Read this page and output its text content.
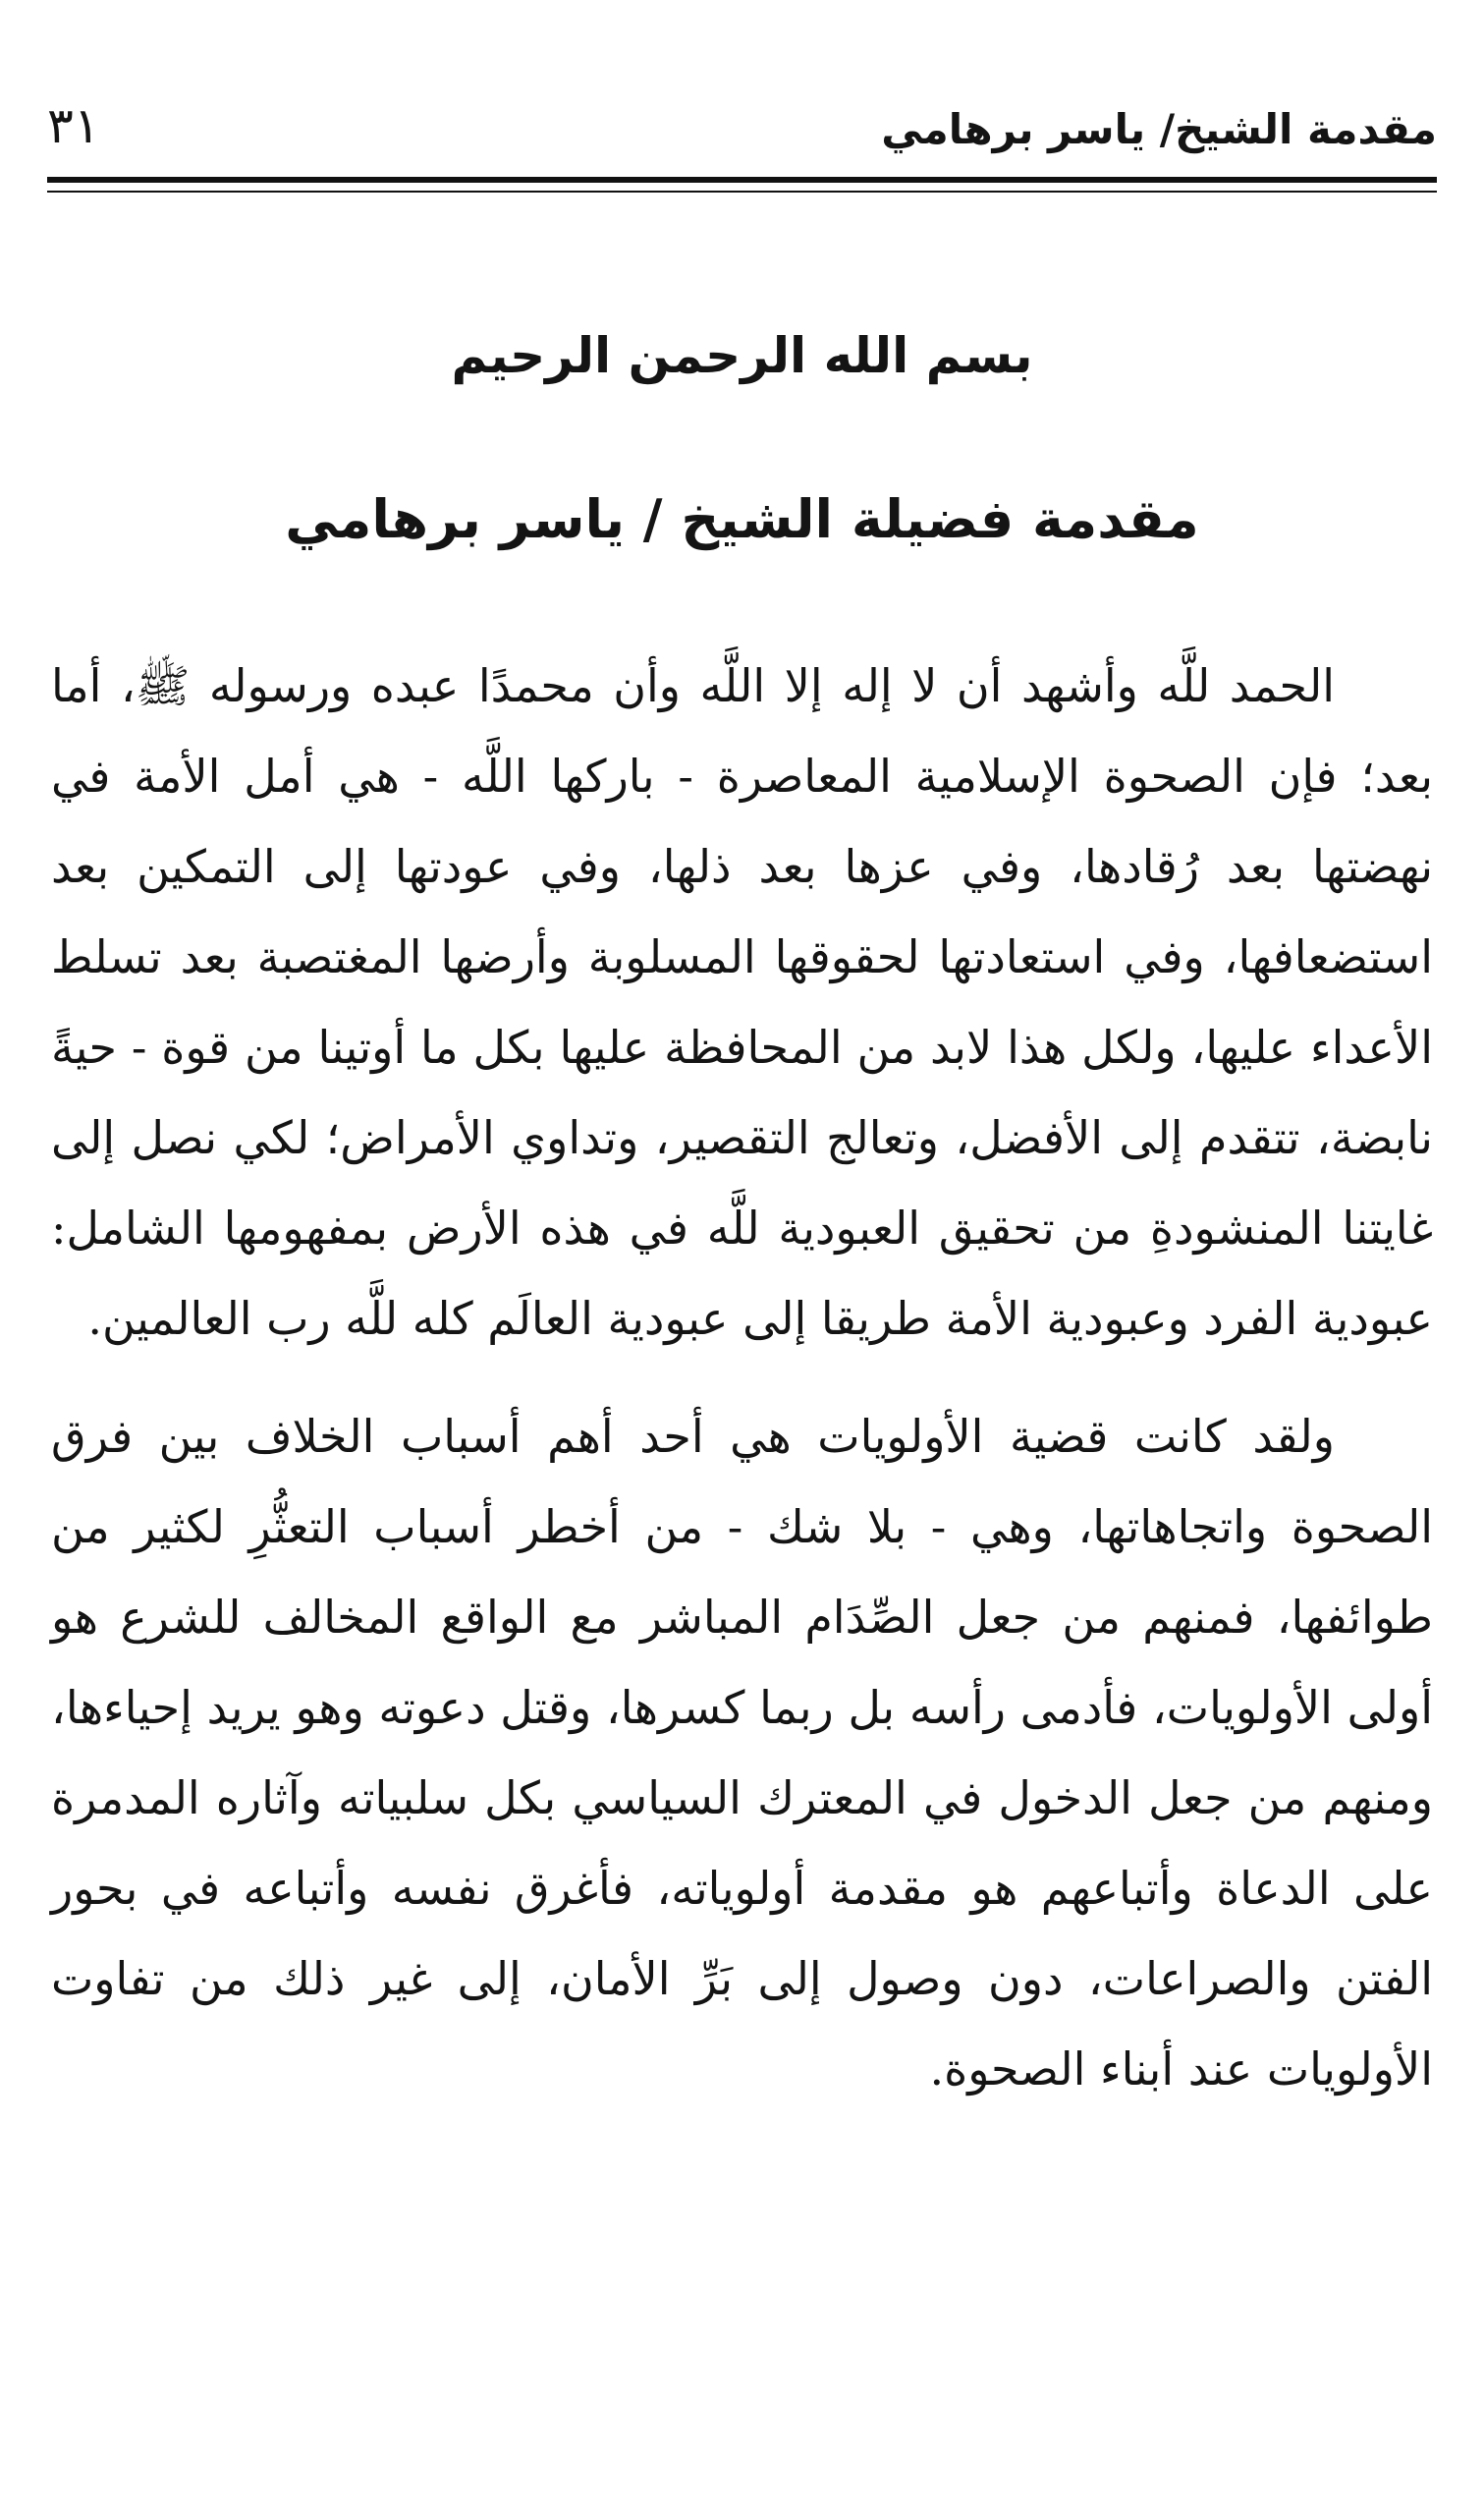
مقدمة الشيخ/ ياسر برهامي
٣١
بسم الله الرحمن الرحيم
مقدمة فضيلة الشيخ / ياسر برهامي

الحمد للَّه وأشهد أن لا إله إلا اللَّه وأن محمدًا عبده ورسوله ﷺ، أما بعد؛ فإن الصحوة الإسلامية المعاصرة - باركها اللَّه - هي أمل الأمة في نهضتها بعد رُقادها، وفي عزها بعد ذلها، وفي عودتها إلى التمكين بعد استضعافها، وفي استعادتها لحقوقها المسلوبة وأرضها المغتصبة بعد تسلط الأعداء عليها، ولكل هذا لابد من المحافظة عليها بكل ما أوتينا من قوة - حيةً نابضة، تتقدم إلى الأفضل، وتعالج التقصير، وتداوي الأمراض؛ لكي نصل إلى غايتنا المنشودةِ من تحقيق العبودية للَّه في هذه الأرض بمفهومها الشامل: عبودية الفرد وعبودية الأمة طريقا إلى عبودية العالَم كله للَّه رب العالمين.

ولقد كانت قضية الأولويات هي أحد أهم أسباب الخلاف بين فرق الصحوة واتجاهاتها، وهي - بلا شك - من أخطر أسباب التعثُّرِ لكثير من طوائفها، فمنهم من جعل الصِّدَام المباشر مع الواقع المخالف للشرع هو أولى الأولويات، فأدمى رأسه بل ربما كسرها، وقتل دعوته وهو يريد إحياءها، ومنهم من جعل الدخول في المعترك السياسي بكل سلبياته وآثاره المدمرة على الدعاة وأتباعهم هو مقدمة أولوياته، فأغرق نفسه وأتباعه في بحور الفتن والصراعات، دون وصول إلى بَرِّ الأمان، إلى غير ذلك من تفاوت الأولويات عند أبناء الصحوة.
